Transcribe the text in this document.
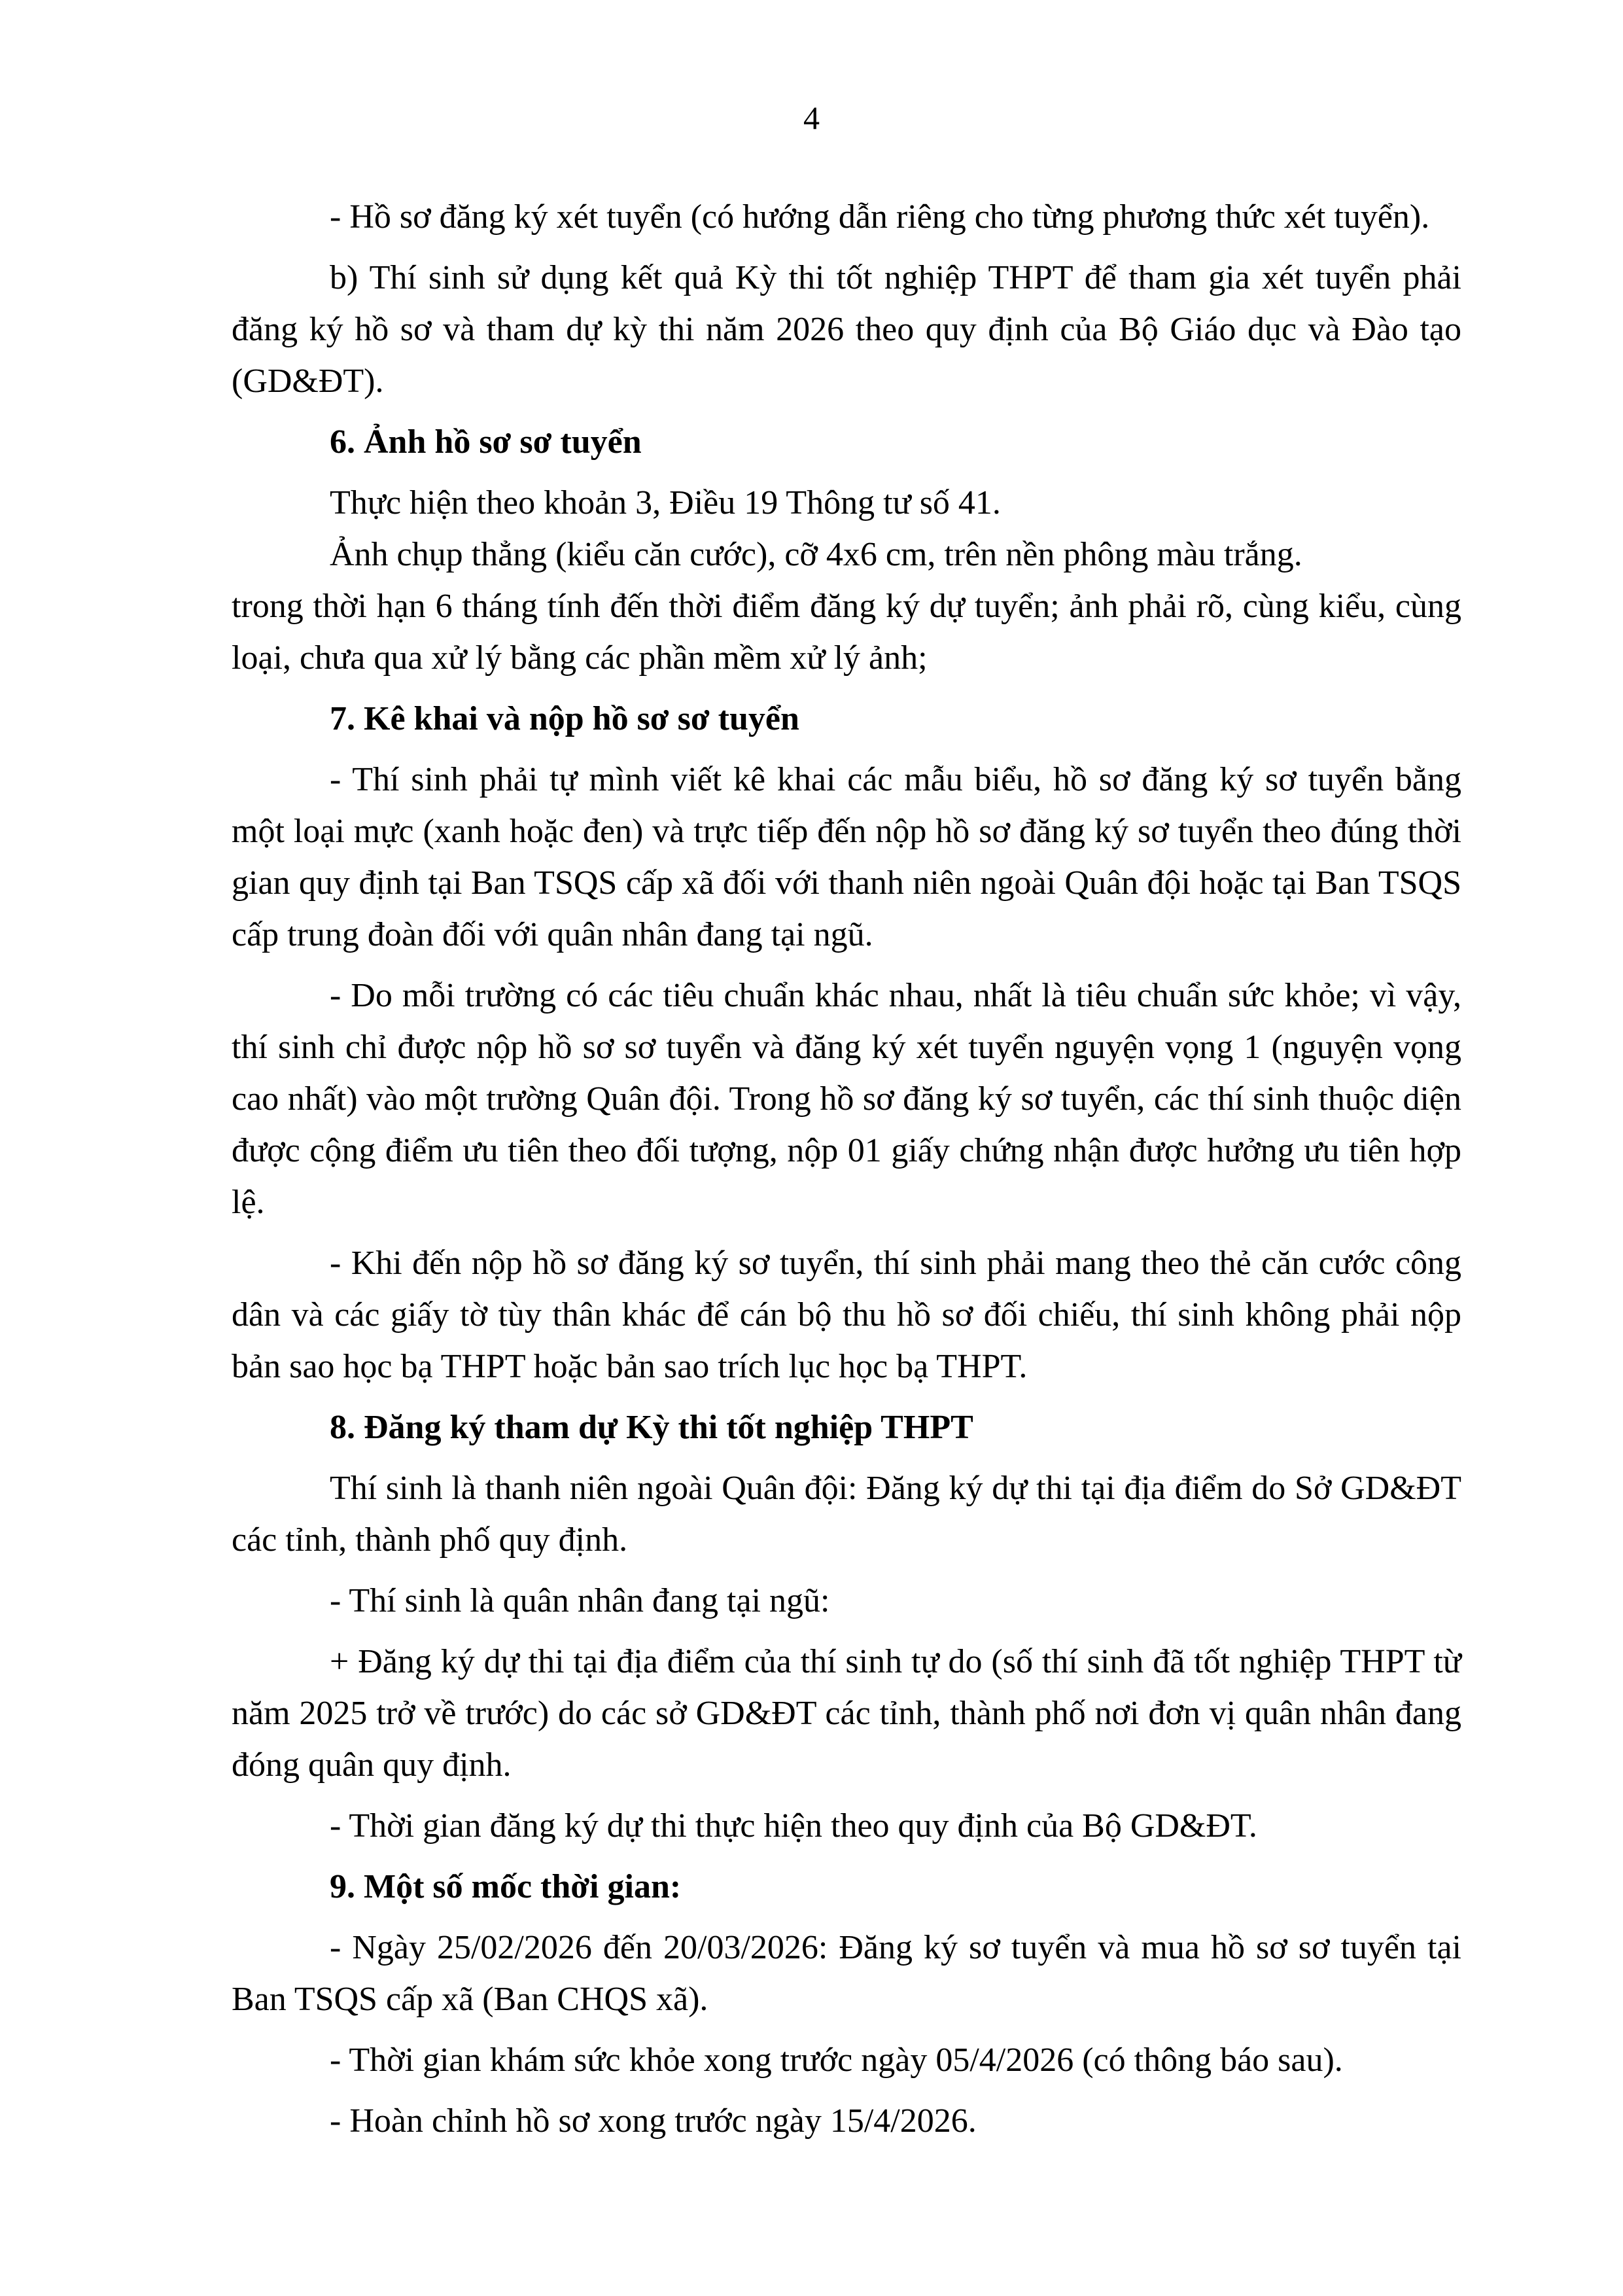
4

- Hồ sơ đăng ký xét tuyển (có hướng dẫn riêng cho từng phương thức xét tuyển).

b) Thí sinh sử dụng kết quả Kỳ thi tốt nghiệp THPT để tham gia xét tuyển phải đăng ký hồ sơ và tham dự kỳ thi năm 2026 theo quy định của Bộ Giáo dục và Đào tạo (GD&ĐT).

6. Ảnh hồ sơ sơ tuyển

Thực hiện theo khoản 3, Điều 19 Thông tư số 41.

Ảnh chụp thẳng (kiểu căn cước), cỡ 4x6 cm, trên nền phông màu trắng.

trong thời hạn 6 tháng tính đến thời điểm đăng ký dự tuyển; ảnh phải rõ, cùng kiểu, cùng loại, chưa qua xử lý bằng các phần mềm xử lý ảnh;

7. Kê khai và nộp hồ sơ sơ tuyển

- Thí sinh phải tự mình viết kê khai các mẫu biểu, hồ sơ đăng ký sơ tuyển bằng một loại mực (xanh hoặc đen) và trực tiếp đến nộp hồ sơ đăng ký sơ tuyển theo đúng thời gian quy định tại Ban TSQS cấp xã đối với thanh niên ngoài Quân đội hoặc tại Ban TSQS cấp trung đoàn đối với quân nhân đang tại ngũ.

- Do mỗi trường có các tiêu chuẩn khác nhau, nhất là tiêu chuẩn sức khỏe; vì vậy, thí sinh chỉ được nộp hồ sơ sơ tuyển và đăng ký xét tuyển nguyện vọng 1 (nguyện vọng cao nhất) vào một trường Quân đội. Trong hồ sơ đăng ký sơ tuyển, các thí sinh thuộc diện được cộng điểm ưu tiên theo đối tượng, nộp 01 giấy chứng nhận được hưởng ưu tiên hợp lệ.

- Khi đến nộp hồ sơ đăng ký sơ tuyển, thí sinh phải mang theo thẻ căn cước công dân và các giấy tờ tùy thân khác để cán bộ thu hồ sơ đối chiếu, thí sinh không phải nộp bản sao học bạ THPT hoặc bản sao trích lục học bạ THPT.

8. Đăng ký tham dự Kỳ thi tốt nghiệp THPT

Thí sinh là thanh niên ngoài Quân đội: Đăng ký dự thi tại địa điểm do Sở GD&ĐT các tỉnh, thành phố quy định.

- Thí sinh là quân nhân đang tại ngũ:

+ Đăng ký dự thi tại địa điểm của thí sinh tự do (số thí sinh đã tốt nghiệp THPT từ năm 2025 trở về trước) do các sở GD&ĐT các tỉnh, thành phố nơi đơn vị quân nhân đang đóng quân quy định.

- Thời gian đăng ký dự thi thực hiện theo quy định của Bộ GD&ĐT.

9. Một số mốc thời gian:

- Ngày 25/02/2026 đến 20/03/2026: Đăng ký sơ tuyển và mua hồ sơ sơ tuyển tại Ban TSQS cấp xã (Ban CHQS xã).

- Thời gian khám sức khỏe xong trước ngày 05/4/2026 (có thông báo sau).

- Hoàn chỉnh hồ sơ xong trước ngày 15/4/2026.
